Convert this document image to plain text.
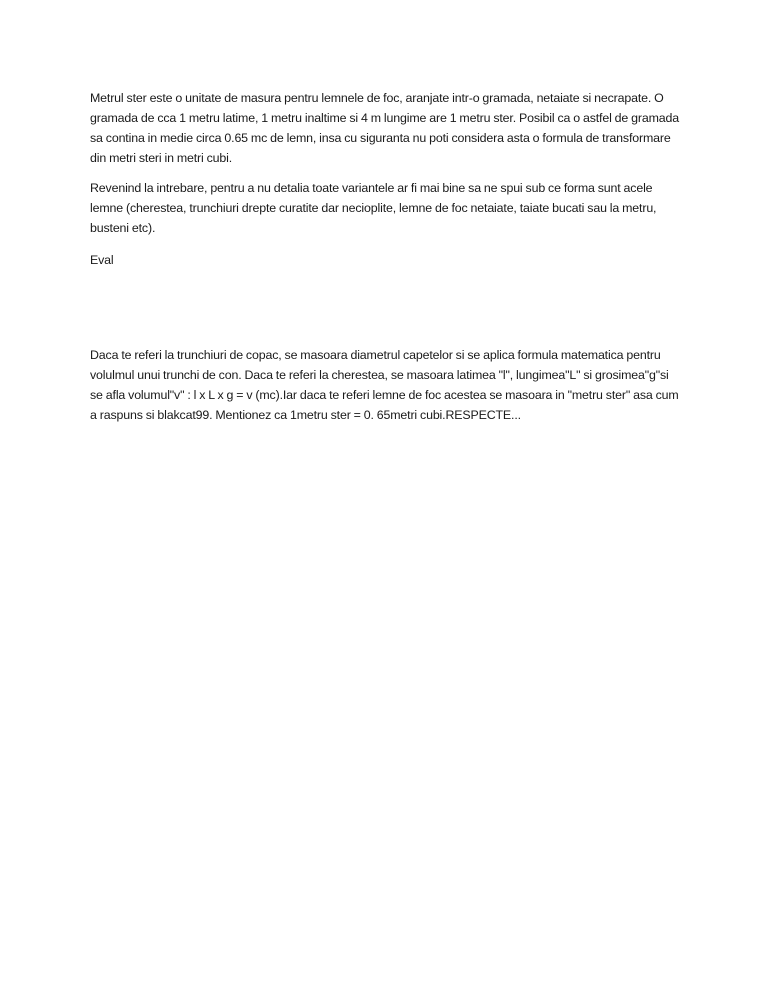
Metrul ster este o unitate de masura pentru lemnele de foc, aranjate intr-o gramada, netaiate si necrapate. O gramada de cca 1 metru latime, 1 metru inaltime si 4 m lungime are 1 metru ster. Posibil ca o astfel de gramada sa contina in medie circa 0.65 mc de lemn, insa cu siguranta nu poti considera asta o formula de transformare din metri steri in metri cubi.

Revenind la intrebare, pentru a nu detalia toate variantele ar fi mai bine sa ne spui sub ce forma sunt acele lemne (cherestea, trunchiuri drepte curatite dar necioplite, lemne de foc netaiate, taiate bucati sau la metru, busteni etc).

Eval

Daca te referi la trunchiuri de copac, se masoara diametrul capetelor si se aplica formula matematica pentru volulmul unui trunchi de con. Daca te referi la cherestea, se masoara latimea "l", lungimea"L" si grosimea"g"si se afla volumul"v" : l x L x g = v (mc).Iar daca te referi lemne de foc acestea se masoara in "metru ster" asa cum a raspuns si blakcat99. Mentionez ca 1metru ster = 0. 65metri cubi.RESPECTE...
